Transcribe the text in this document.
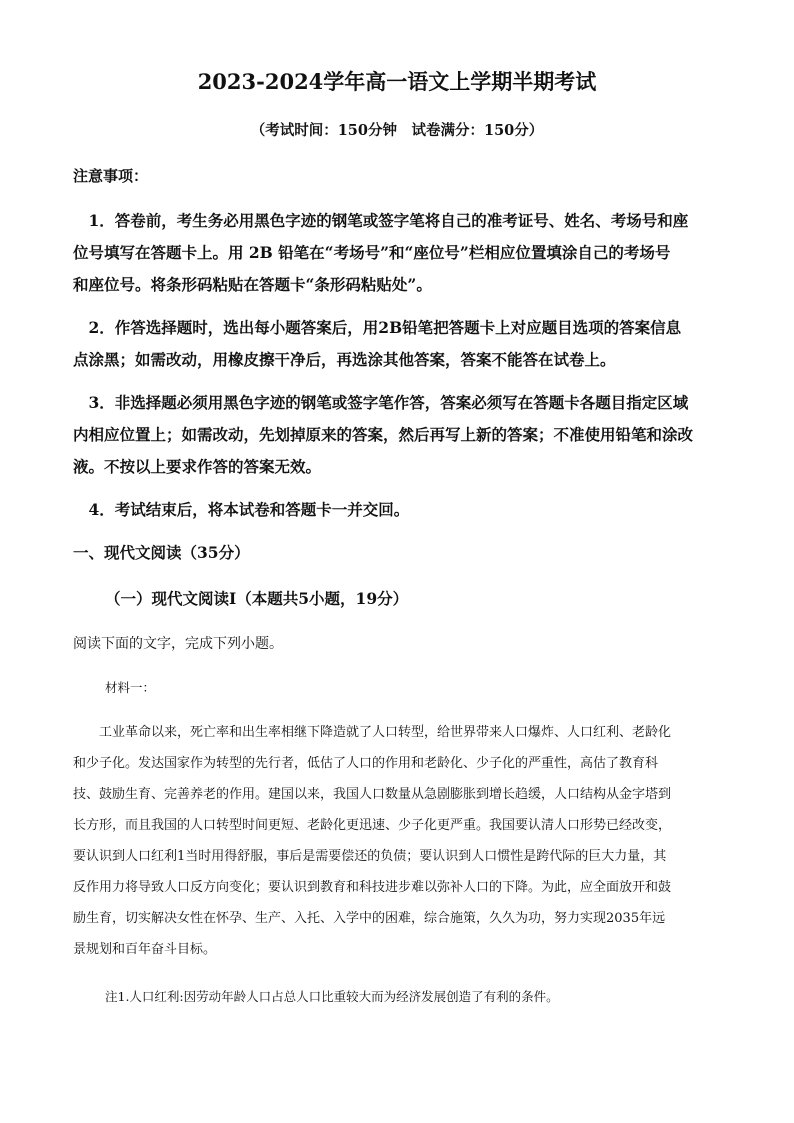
2023-2024学年高一语文上学期半期考试
（考试时间：150分钟　试卷满分：150分）
注意事项：
　1．答卷前，考生务必用黑色字迹的钢笔或签字笔将自己的准考证号、姓名、考场号和座
位号填写在答题卡上。用 2B 铅笔在“考场号”和“座位号”栏相应位置填涂自己的考场号
和座位号。将条形码粘贴在答题卡“条形码粘贴处”。
　2．作答选择题时，选出每小题答案后，用2B铅笔把答题卡上对应题目选项的答案信息
点涂黑；如需改动，用橡皮擦干净后，再选涂其他答案，答案不能答在试卷上。
　3．非选择题必须用黑色字迹的钢笔或签字笔作答，答案必须写在答题卡各题目指定区域
内相应位置上；如需改动，先划掉原来的答案，然后再写上新的答案；不准使用铅笔和涂改
液。不按以上要求作答的答案无效。
　4．考试结束后，将本试卷和答题卡一并交回。
一、现代文阅读（35分）
（一）现代文阅读Ⅰ（本题共5小题，19分）
阅读下面的文字，完成下列小题。
材料一：
　　工业革命以来，死亡率和出生率相继下降造就了人口转型，给世界带来人口爆炸、人口红利、老龄化
和少子化。发达国家作为转型的先行者，低估了人口的作用和老龄化、少子化的严重性，高估了教育科
技、鼓励生育、完善养老的作用。建国以来，我国人口数量从急剧膨胀到增长趋缓，人口结构从金字塔到
长方形，而且我国的人口转型时间更短、老龄化更迅速、少子化更严重。我国要认清人口形势已经改变，
要认识到人口红利1当时用得舒服，事后是需要偿还的负债；要认识到人口惯性是跨代际的巨大力量，其
反作用力将导致人口反方向变化；要认识到教育和科技进步难以弥补人口的下降。为此，应全面放开和鼓
励生育，切实解决女性在怀孕、生产、入托、入学中的困难，综合施策，久久为功，努力实现2035年远
景规划和百年奋斗目标。
注1.人口红利:因劳动年龄人口占总人口比重较大而为经济发展创造了有利的条件。
